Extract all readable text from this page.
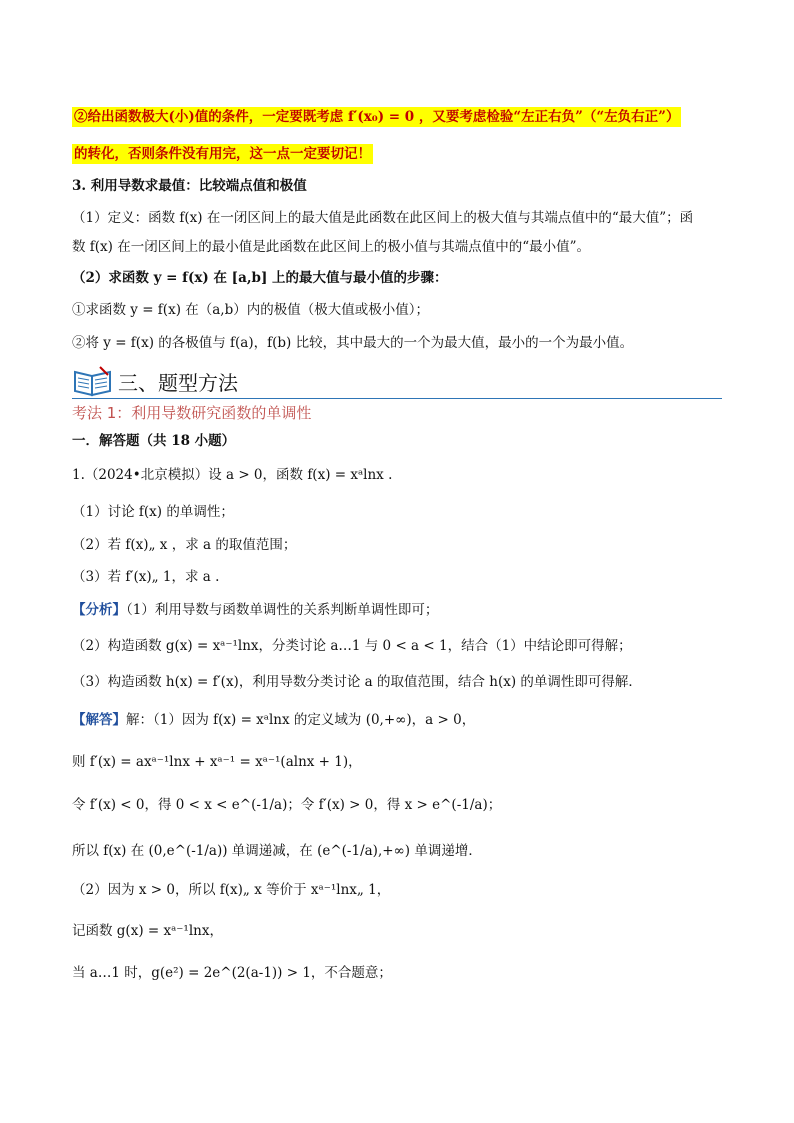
②给出函数极大(小)值的条件，一定要既考虑 f′(x₀) = 0 ，又要考虑检验“左正右负”（“左负右正”）
的转化，否则条件没有用完，这一点一定要切记！
3. 利用导数求最值：比较端点值和极值
（1）定义：函数 f(x) 在一闭区间上的最大值是此函数在此区间上的极大值与其端点值中的“最大值”；函
数 f(x) 在一闭区间上的最小值是此函数在此区间上的极小值与其端点值中的“最小值”。
（2）求函数 y = f(x) 在 [a,b] 上的最大值与最小值的步骤：
①求函数 y = f(x) 在（a,b）内的极值（极大值或极小值）；
②将 y = f(x) 的各极值与 f(a)，f(b) 比较，其中最大的一个为最大值，最小的一个为最小值。
三、题型方法
考法 1：利用导数研究函数的单调性
一．解答题（共 18 小题）
1.（2024•北京模拟）设 a > 0，函数 f(x) = xᵃlnx .
（1）讨论 f(x) 的单调性；
（2）若 f(x)„ x ，求 a 的取值范围；
（3）若 f′(x)„ 1，求 a .
【分析】（1）利用导数与函数单调性的关系判断单调性即可；
（2）构造函数 g(x) = xᵃ⁻¹lnx，分类讨论 a…1 与 0 < a < 1，结合（1）中结论即可得解；
（3）构造函数 h(x) = f′(x)，利用导数分类讨论 a 的取值范围，结合 h(x) 的单调性即可得解．
【解答】解：（1）因为 f(x) = xᵃlnx 的定义域为 (0,+∞)，a > 0，
则 f′(x) = axᵃ⁻¹lnx + xᵃ⁻¹ = xᵃ⁻¹(alnx + 1)，
令 f′(x) < 0，得 0 < x < e^(-1/a)；令 f′(x) > 0，得 x > e^(-1/a)；
所以 f(x) 在 (0,e^(-1/a)) 单调递减，在 (e^(-1/a),+∞) 单调递增．
（2）因为 x > 0，所以 f(x)„ x 等价于 xᵃ⁻¹lnx„ 1，
记函数 g(x) = xᵃ⁻¹lnx，
当 a…1 时，g(e²) = 2e^(2(a-1)) > 1，不合题意；
